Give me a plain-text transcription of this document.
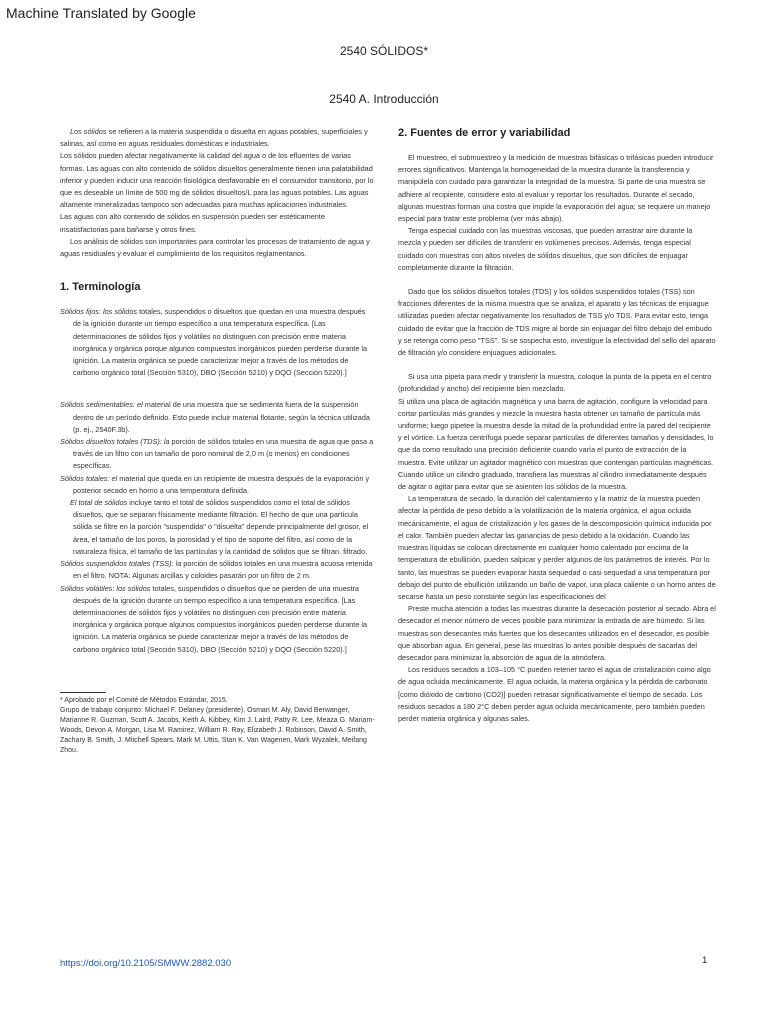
Machine Translated by Google
2540 SÓLIDOS*
2540 A. Introducción

Los sólidos se refieren a la materia suspendida o disuelta en aguas potables, superficiales y salinas, así como en aguas residuales domésticas e industriales.

Los sólidos pueden afectar negativamente la calidad del agua o de los efluentes de varias formas. Las aguas con alto contenido de sólidos disueltos generalmente tienen una palatabilidad inferior y pueden inducir una reacción fisiológica desfavorable en el consumidor transitorio, por lo que es deseable un límite de 500 mg de sólidos disueltos/L para las aguas potables. Las aguas altamente mineralizadas tampoco son adecuadas para muchas aplicaciones industriales.

Las aguas con alto contenido de sólidos en suspensión pueden ser estéticamente insatisfactorias para bañarse y otros fines.

Los análisis de sólidos son importantes para controlar los procesos de tratamiento de agua y aguas residuales y evaluar el cumplimiento de los requisitos reglamentarios.

1. Terminología

Sólidos fijos: los sólidos totales, suspendidos o disueltos que quedan en una muestra después de la ignición durante un tiempo específico a una temperatura específica. [Las determinaciones de sólidos fijos y volátiles no distinguen con precisión entre materia inorgánica y orgánica porque algunos compuestos inorgánicos pueden perderse durante la ignición. La materia orgánica se puede caracterizar mejor a través de los métodos de carbono orgánico total (Sección 5310), DBO (Sección 5210) y DQO (Sección 5220).]

Sólidos sedimentables: el material de una muestra que se sedimenta fuera de la suspensión dentro de un período definido. Esto puede incluir material flotante, según la técnica utilizada (p. ej., 2540F.3b).

Sólidos disueltos totales (TDS): la porción de sólidos totales en una muestra de agua que pasa a través de un filtro con un tamaño de poro nominal de 2,0 m (o menos) en condiciones específicas.

Sólidos totales: el material que queda en un recipiente de muestra después de la evaporación y posterior secado en horno a una temperatura definida.

El total de sólidos incluye tanto el total de sólidos suspendidos como el total de sólidos disueltos, que se separan físicamente mediante filtración. El hecho de que una partícula sólida se filtre en la porción "suspendida" o "disuelta" depende principalmente del grosor, el área, el tamaño de los poros, la porosidad y el tipo de soporte del filtro, así como de la naturaleza física, el tamaño de las partículas y la cantidad de sólidos que se filtran. filtrado.

Sólidos suspendidos totales (TSS): la porción de sólidos totales en una muestra acuosa retenida en el filtro. NOTA: Algunas arcillas y coloides pasarán por un filtro de 2 m.

Sólidos volátiles: los sólidos totales, suspendidos o disueltos que se pierden de una muestra después de la ignición durante un tiempo específico a una temperatura específica. [Las determinaciones de sólidos fijos y volátiles no distinguen con precisión entre materia inorgánica y orgánica porque algunos compuestos inorgánicos pueden perderse durante la ignición. La materia orgánica se puede caracterizar mejor a través de los métodos de carbono orgánico total (Sección 5310), DBO (Sección 5210) y DQO (Sección 5220).]

* Aprobado por el Comité de Métodos Estándar, 2015.
Grupo de trabajo conjunto: Michael F. Delaney (presidente), Osman M. Aly, David Berwanger, Marianne R. Guzman, Scott A. Jacobs, Keith A. Kibbey, Kim J. Laird, Patty R. Lee, Meaza G. Mariam-Woods, Devon A. Morgan, Lisa M. Ramirez, William R. Ray, Elizabeth J. Robinson, David A. Smith, Zachary B. Smith, J. Mitchell Spears, Mark M. Uttis, Stan K. Van Wagenen, Mark Wyzalek, Meifang Zhou.
2. Fuentes de error y variabilidad

El muestreo, el submuestreo y la medición de muestras bifásicas o trifásicas pueden introducir errores significativos. Mantenga la homogeneidad de la muestra durante la transferencia y manipúlela con cuidado para garantizar la integridad de la muestra. Si parte de una muestra se adhiere al recipiente, considere esto al evaluar y reportar los resultados. Durante el secado, algunas muestras forman una costra que impide la evaporación del agua; se requiere un manejo especial para tratar este problema (ver más abajo).

Tenga especial cuidado con las muestras viscosas, que pueden arrastrar aire durante la mezcla y pueden ser difíciles de transferir en volúmenes precisos. Además, tenga especial cuidado con muestras con altos niveles de sólidos disueltos, que son difíciles de enjuagar completamente durante la filtración.

Dado que los sólidos disueltos totales (TDS) y los sólidos suspendidos totales (TSS) son fracciones diferentes de la misma muestra que se analiza, el aparato y las técnicas de enjuague utilizadas pueden afectar negativamente los resultados de TSS y/o TDS. Para evitar esto, tenga cuidado de evitar que la fracción de TDS migre al borde sin enjuagar del filtro debajo del embudo y se retenga como peso "TSS". Si se sospecha esto, investigue la efectividad del sello del aparato de filtración y/o considere enjuagues adicionales.

Si usa una pipeta para medir y transferir la muestra, coloque la punta de la pipeta en el centro (profundidad y ancho) del recipiente bien mezclado.

Si utiliza una placa de agitación magnética y una barra de agitación, configure la velocidad para cortar partículas más grandes y mezcle la muestra hasta obtener un tamaño de partícula más uniforme; luego pipetee la muestra desde la mitad de la profundidad entre la pared del recipiente y el vórtice. La fuerza centrífuga puede separar partículas de diferentes tamaños y densidades, lo que da como resultado una precisión deficiente cuando varía el punto de extracción de la muestra. Evite utilizar un agitador magnético con muestras que contengan partículas magnéticas. Cuando utilice un cilindro graduado, transfiera las muestras al cilindro inmediatamente después de agitar o agitar para evitar que se asienten los sólidos de la muestra.

La temperatura de secado, la duración del calentamiento y la matriz de la muestra pueden afectar la pérdida de peso debido a la volatilización de la materia orgánica, el agua ocluida mecánicamente, el agua de cristalización y los gases de la descomposición química inducida por el calor. También pueden afectar las ganancias de peso debido a la oxidación. Cuando las muestras líquidas se colocan directamente en cualquier horno calentado por encima de la temperatura de ebullición, pueden salpicar y perder algunos de los parámetros de interés. Por lo tanto, las muestras se pueden evaporar hasta sequedad o casi sequedad a una temperatura por debajo del punto de ebullición utilizando un baño de vapor, una placa caliente o un horno antes de secarse hasta un peso constante según las especificaciones del

Preste mucha atención a todas las muestras durante la desecación posterior al secado. Abra el desecador el menor número de veces posible para minimizar la entrada de aire húmedo. Si las muestras son desecantes más fuertes que los desecantes utilizados en el desecador, es posible que absorban agua. En general, pese las muestras lo antes posible después de sacarlas del desecador para minimizar la absorción de agua de la atmósfera.

Los residuos secados a 103–105 °C pueden retener tanto el agua de cristalización como algo de agua ocluida mecánicamente. El agua ocluida, la materia orgánica y la pérdida de carbonato [como dióxido de carbono (CO2)] pueden retrasar significativamente el tiempo de secado. Los residuos secados a 180 2°C deben perder agua ocluida mecánicamente, pero también pueden perder materia orgánica y algunas sales.

https://doi.org/10.2105/SMWW.2882.030	1
